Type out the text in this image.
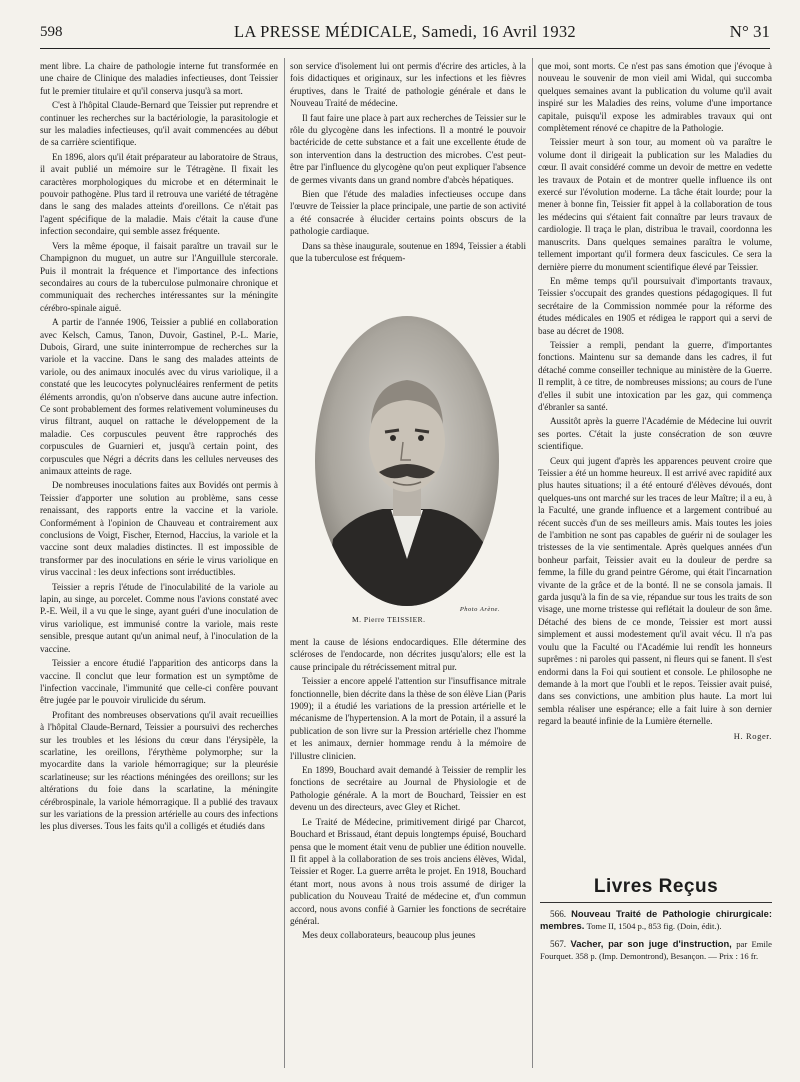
598	LA PRESSE MÉDICALE, Samedi, 16 Avril 1932	N° 31

ment libre. La chaire de pathologie interne fut transformée en une chaire de Clinique des maladies infectieuses, dont Teissier fut le premier titulaire et qu'il conserva jusqu'à sa mort.

C'est à l'hôpital Claude-Bernard que Teissier put reprendre et continuer les recherches sur la bactériologie, la parasitologie et sur les maladies infectieuses, qu'il avait commencées au début de sa carrière scientifique.

En 1896, alors qu'il était préparateur au laboratoire de Straus, il avait publié un mémoire sur le Tétragène. Il fixait les caractères morphologiques du microbe et en déterminait le pouvoir pathogène. Plus tard il retrouva une variété de tétragène dans le sang des malades atteints d'oreillons. Ce n'était pas l'agent spécifique de la maladie. Mais c'était la cause d'une infection secondaire, qui semble assez fréquente.

Vers la même époque, il faisait paraître un travail sur le Champignon du muguet, un autre sur l'Anguillule stercorale. Puis il montrait la fréquence et l'importance des infections secondaires au cours de la tuberculose pulmonaire chronique et communiquait des recherches intéressantes sur la méningite cérébro-spinale aiguë.

A partir de l'année 1906, Teissier a publié en collaboration avec Kelsch, Camus, Tanon, Duvoir, Gastinel, P.-L. Marie, Dubois, Girard, une suite ininterrompue de recherches sur la variole et la vaccine. Dans le sang des malades atteints de variole, ou des animaux inoculés avec du virus variolique, il a constaté que les leucocytes polynucléaires renferment de petits éléments arrondis, qu'on n'observe dans aucune autre infection. Ce sont probablement des formes relativement volumineuses du virus filtrant, auquel on rattache le développement de la maladie. Ces corpuscules peuvent être rapprochés des corpuscules de Guarnieri et, jusqu'à certain point, des corpuscules que Négri a décrits dans les cellules nerveuses des animaux atteints de rage.

De nombreuses inoculations faites aux Bovidés ont permis à Teissier d'apporter une solution au problème, sans cesse renaissant, des rapports entre la vaccine et la variole. Conformément à l'opinion de Chauveau et contrairement aux conclusions de Voigt, Fischer, Eternod, Haccius, la variole et la vaccine sont deux maladies distinctes. Il est impossible de transformer par des inoculations en série le virus variolique en virus vaccinal : les deux infections sont irréductibles.

Teissier a repris l'étude de l'inoculabilité de la variole au lapin, au singe, au porcelet. Comme nous l'avions constaté avec P.-E. Weil, il a vu que le singe, ayant guéri d'une inoculation de virus variolique, est immunisé contre la variole, mais reste sensible, presque autant qu'un animal neuf, à l'inoculation de la vaccine.

Teissier a encore étudié l'apparition des anticorps dans la vaccine. Il conclut que leur formation est un symptôme de l'infection vaccinale, l'immunité que celle-ci confère pouvant être jugée par le pouvoir virulicide du sérum.

Profitant des nombreuses observations qu'il avait recueillies à l'hôpital Claude-Bernard, Teissier a poursuivi des recherches sur les troubles et les lésions du cœur dans l'érysipèle, la scarlatine, les oreillons, l'érythème polymorphe; sur la myocardite dans la variole hémorragique; sur la pleurésie scarlatineuse; sur les réactions méningées des oreillons; sur les altérations du foie dans la scarlatine, la méningite cérébrospinale, la variole hémorragique. Il a publié des travaux sur les variations de la pression artérielle au cours des infections les plus diverses. Tous les faits qu'il a colligés et étudiés dans

son service d'isolement lui ont permis d'écrire des articles, à la fois didactiques et originaux, sur les infections et les fièvres éruptives, dans le Traité de pathologie générale et dans le Nouveau Traité de médecine.

Il faut faire une place à part aux recherches de Teissier sur le rôle du glycogène dans les infections. Il a montré le pouvoir bactéricide de cette substance et a fait une excellente étude de son intervention dans la destruction des microbes. C'est peut-être par l'influence du glycogène qu'on peut expliquer l'absence de germes vivants dans un grand nombre d'abcès hépatiques.

Bien que l'étude des maladies infectieuses occupe dans l'œuvre de Teissier la place principale, une partie de son activité a été consacrée à élucider certains points obscurs de la pathologie cardiaque.

Dans sa thèse inaugurale, soutenue en 1894, Teissier a établi que la tuberculose est fréquem-

Photo Arène.
M. Pierre TEISSIER.

ment la cause de lésions endocardiques. Elle détermine des scléroses de l'endocarde, non décrites jusqu'alors; elle est la cause principale du rétrécissement mitral pur.

Teissier a encore appelé l'attention sur l'insuffisance mitrale fonctionnelle, bien décrite dans la thèse de son élève Lian (Paris 1909); il a étudié les variations de la pression artérielle et le mécanisme de l'hypertension. A la mort de Potain, il a assuré la publication de son livre sur la Pression artérielle chez l'homme et les animaux, dernier hommage rendu à la mémoire de l'illustre clinicien.

En 1899, Bouchard avait demandé à Teissier de remplir les fonctions de secrétaire au Journal de Physiologie et de Pathologie générale. A la mort de Bouchard, Teissier en est devenu un des directeurs, avec Gley et Richet.

Le Traité de Médecine, primitivement dirigé par Charcot, Bouchard et Brissaud, étant depuis longtemps épuisé, Bouchard pensa que le moment était venu de publier une édition nouvelle. Il fit appel à la collaboration de ses trois anciens élèves, Widal, Teissier et Roger. La guerre arrêta le projet. En 1918, Bouchard étant mort, nous avons à nous trois assumé de diriger la publication du Nouveau Traité de médecine et, d'un commun accord, nous avons confié à Garnier les fonctions de secrétaire général.

Mes deux collaborateurs, beaucoup plus jeunes

que moi, sont morts. Ce n'est pas sans émotion que j'évoque à nouveau le souvenir de mon vieil ami Widal, qui succomba quelques semaines avant la publication du volume qu'il avait inspiré sur les Maladies des reins, volume d'une importance capitale, puisqu'il expose les admirables travaux qui ont complètement rénové ce chapitre de la Pathologie.

Teissier meurt à son tour, au moment où va paraître le volume dont il dirigeait la publication sur les Maladies du cœur. Il avait considéré comme un devoir de mettre en vedette les travaux de Potain et de montrer quelle influence ils ont exercé sur l'évolution moderne. La tâche était lourde; pour la mener à bonne fin, Teissier fit appel à la collaboration de tous les médecins qui s'étaient fait connaître par leurs travaux de cardiologie. Il traça le plan, distribua le travail, coordonna les manuscrits. Dans quelques semaines paraîtra le volume, tellement important qu'il formera deux fascicules. Ce sera la dernière pierre du monument scientifique élevé par Teissier.

En même temps qu'il poursuivait d'importants travaux, Teissier s'occupait des grandes questions pédagogiques. Il fut secrétaire de la Commission nommée pour la réforme des études médicales en 1905 et rédigea le rapport qui a servi de base au décret de 1908.

Teissier a rempli, pendant la guerre, d'importantes fonctions. Maintenu sur sa demande dans les cadres, il fut détaché comme conseiller technique au ministère de la Guerre. Il remplit, à ce titre, de nombreuses missions; au cours de l'une d'elles il subit une intoxication par les gaz, qui commença d'ébranler sa santé.

Aussitôt après la guerre l'Académie de Médecine lui ouvrit ses portes. C'était la juste consécration de son œuvre scientifique.

Ceux qui jugent d'après les apparences peuvent croire que Teissier a été un homme heureux. Il est arrivé avec rapidité aux plus hautes situations; il a été entouré d'élèves dévoués, dont quelques-uns ont marché sur les traces de leur Maître; il a eu, à la Faculté, une grande influence et a largement contribué au récent succès d'un de ses meilleurs amis. Mais toutes les joies de l'ambition ne sont pas capables de guérir ni de soulager les tristesses de la vie sentimentale. Après quelques années d'un bonheur parfait, Teissier avait eu la douleur de perdre sa femme, la fille du grand peintre Gérome, qui était l'incarnation vivante de la grâce et de la bonté. Il ne se consola jamais. Il garda jusqu'à la fin de sa vie, répandue sur tous les traits de son visage, une morne tristesse qui reflétait la douleur de son âme. Détaché des biens de ce monde, Teissier est mort aussi simplement et aussi modestement qu'il avait vécu. Il n'a pas voulu que la Faculté ou l'Académie lui rendît les honneurs suprêmes : ni paroles qui passent, ni fleurs qui se fanent. Il s'est endormi dans la Foi qui soutient et console. Le philosophe ne demande à la mort que l'oubli et le repos. Teissier avait puisé, dans ses convictions, une ambition plus haute. La mort lui sembla réaliser une espérance; elle a fait luire à son dernier regard la beauté infinie de la Lumière éternelle.

H. Roger.
Livres Reçus
566. Nouveau Traité de Pathologie chirurgicale: membres. Tome II, 1504 p., 853 fig. (Doin, édit.).
567. Vacher, par son juge d'instruction, par Emile Fourquet. 358 p. (Imp. Demontrond), Besançon. — Prix : 16 fr.
